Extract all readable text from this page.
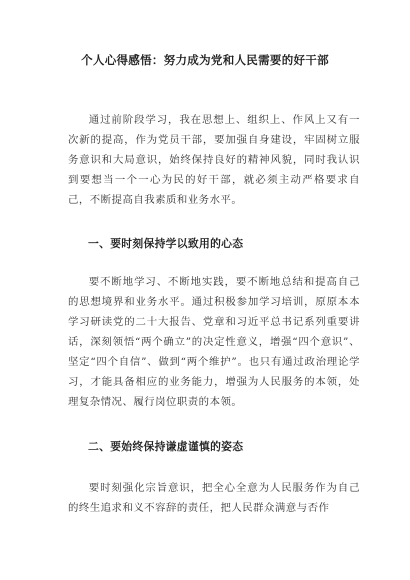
个人心得感悟：努力成为党和人民需要的好干部

通过前阶段学习，我在思想上、组织上、作风上又有一次新的提高，作为党员干部，要加强自身建设，牢固树立服务意识和大局意识，始终保持良好的精神风貌，同时我认识到要想当一个一心为民的好干部，就必须主动严格要求自己，不断提高自我素质和业务水平。

一、要时刻保持学以致用的心态

要不断地学习、不断地实践，要不断地总结和提高自己的思想境界和业务水平。通过积极参加学习培训，原原本本学习研读党的二十大报告、党章和习近平总书记系列重要讲话，深刻领悟“两个确立”的决定性意义，增强“四个意识”、坚定“四个自信”、做到“两个维护”。也只有通过政治理论学习，才能具备相应的业务能力，增强为人民服务的本领，处理复杂情况、履行岗位职责的本领。

二、要始终保持谦虚谨慎的姿态

要时刻强化宗旨意识，把全心全意为人民服务作为自己的终生追求和义不容辞的责任，把人民群众满意与否作
